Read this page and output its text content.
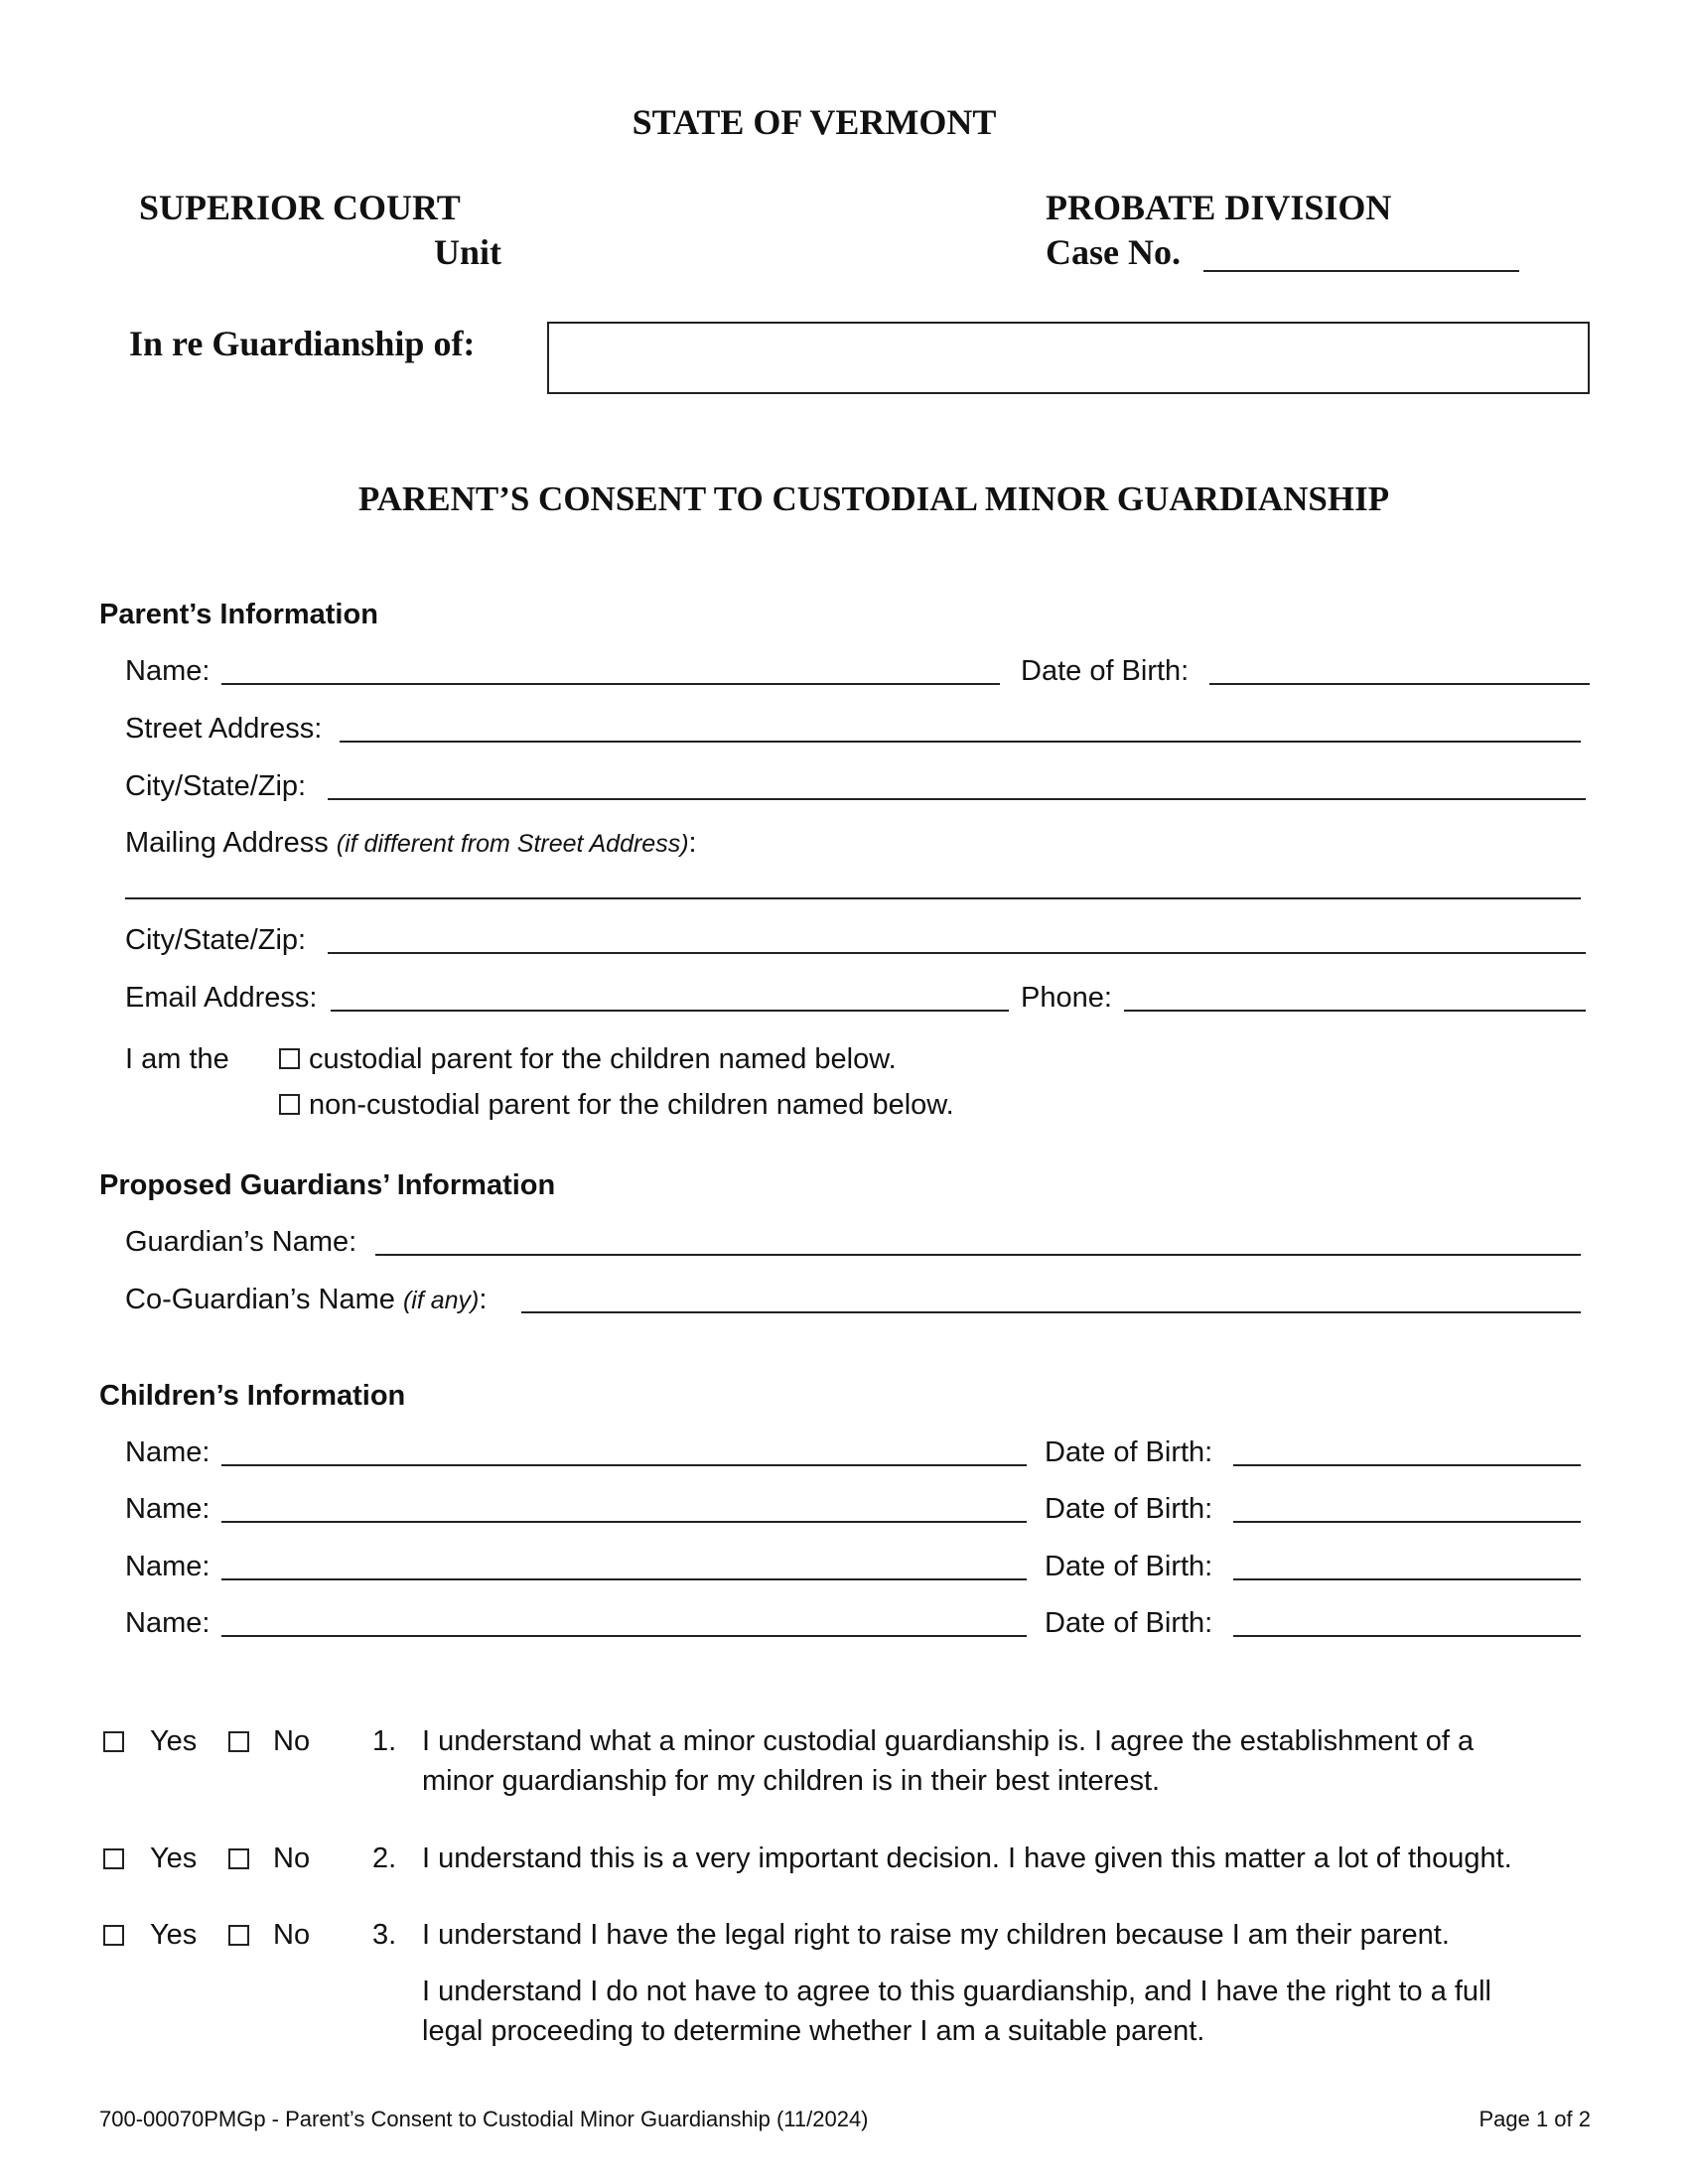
STATE OF VERMONT
SUPERIOR COURT
Unit
PROBATE DIVISION
Case No.
In re Guardianship of:
PARENT’S CONSENT TO CUSTODIAL MINOR GUARDIANSHIP
Parent’s Information
Name:	Date of Birth:
Street Address:
City/State/Zip:
Mailing Address (if different from Street Address):
City/State/Zip:
Email Address:	Phone:
I am the	custodial parent for the children named below.
non-custodial parent for the children named below.
Proposed Guardians’ Information
Guardian’s Name:
Co-Guardian’s Name (if any):
Children’s Information
Name:	Date of Birth:
Name:	Date of Birth:
Name:	Date of Birth:
Name:	Date of Birth:
Yes	No 1. I understand what a minor custodial guardianship is. I agree the establishment of a
minor guardianship for my children is in their best interest.
Yes	No 2. I understand this is a very important decision. I have given this matter a lot of thought.
Yes	No 3. I understand I have the legal right to raise my children because I am their parent.
I understand I do not have to agree to this guardianship, and I have the right to a full
legal proceeding to determine whether I am a suitable parent.
700-00070PMGp - Parent’s Consent to Custodial Minor Guardianship (11/2024)	Page 1 of 2
